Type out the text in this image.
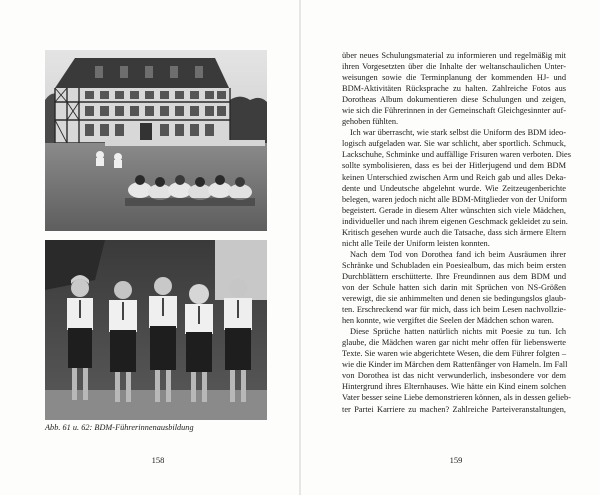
Abb. 61 u. 62: BDM-Führerinnenausbildung
158
über neues Schulungsmaterial zu informieren und regelmäßig mit
ihren Vorgesetzten über die Inhalte der weltanschaulichen Unter-
weisungen sowie die Terminplanung der kommenden HJ- und
BDM-Aktivitäten Rücksprache zu halten. Zahlreiche Fotos aus
Dorotheas Album dokumentieren diese Schulungen und zeigen,
wie sich die Führerinnen in der Gemeinschaft Gleichgesinnter auf-
gehoben fühlten.
Ich war überrascht, wie stark selbst die Uniform des BDM ideo-
logisch aufgeladen war. Sie war schlicht, aber sportlich. Schmuck,
Lackschuhe, Schminke und auffällige Frisuren waren verboten. Dies
sollte symbolisieren, dass es bei der Hitlerjugend und dem BDM
keinen Unterschied zwischen Arm und Reich gab und alles Deka-
dente und Undeutsche abgelehnt wurde. Wie Zeitzeugenberichte
belegen, waren jedoch nicht alle BDM-Mitglieder von der Uniform
begeistert. Gerade in diesem Alter wünschten sich viele Mädchen,
individueller und nach ihrem eigenen Geschmack gekleidet zu sein.
Kritisch gesehen wurde auch die Tatsache, dass sich ärmere Eltern
nicht alle Teile der Uniform leisten konnten.
Nach dem Tod von Dorothea fand ich beim Ausräumen ihrer
Schränke und Schubladen ein Poesiealbum, das mich beim ersten
Durchblättern erschütterte. Ihre Freundinnen aus dem BDM und
von der Schule hatten sich darin mit Sprüchen von NS-Größen
verewigt, die sie anhimmelten und denen sie bedingungslos glaub-
ten. Erschreckend war für mich, dass ich beim Lesen nachvollzie-
hen konnte, wie vergiftet die Seelen der Mädchen schon waren.
Diese Sprüche hatten natürlich nichts mit Poesie zu tun. Ich
glaube, die Mädchen waren gar nicht mehr offen für liebenswerte
Texte. Sie waren wie abgerichtete Wesen, die dem Führer folgten –
wie die Kinder im Märchen dem Rattenfänger von Hameln. Im Fall
von Dorothea ist das nicht verwunderlich, insbesondere vor dem
Hintergrund ihres Elternhauses. Wie hätte ein Kind einem solchen
Vater besser seine Liebe demonstrieren können, als in dessen gelieb-
ter Partei Karriere zu machen? Zahlreiche Parteiveranstaltungen,
159
